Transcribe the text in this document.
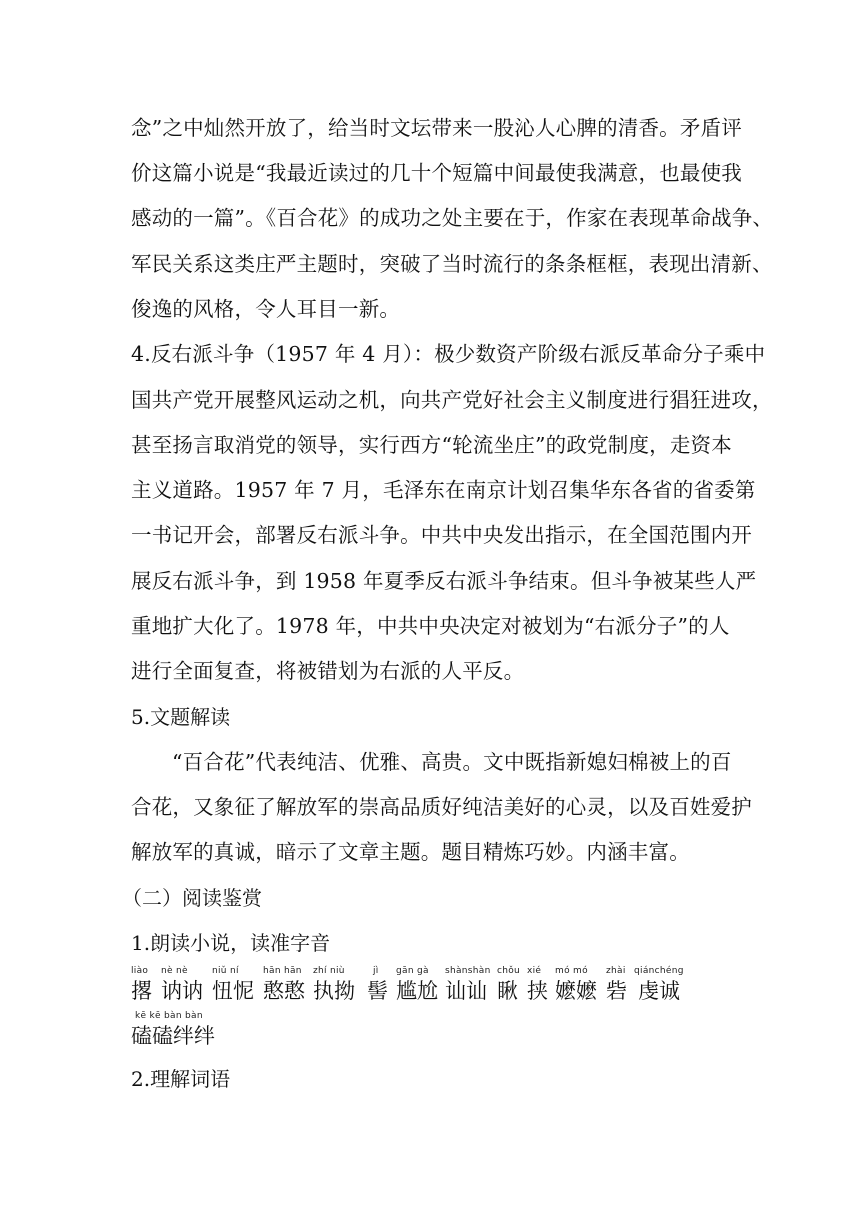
念”之中灿然开放了，给当时文坛带来一股沁人心脾的清香。矛盾评
价这篇小说是“我最近读过的几十个短篇中间最使我满意，也最使我
感动的一篇”。《百合花》的成功之处主要在于，作家在表现革命战争、
军民关系这类庄严主题时，突破了当时流行的条条框框，表现出清新、
俊逸的风格，令人耳目一新。
4.反右派斗争（1957 年 4 月）：极少数资产阶级右派反革命分子乘中
国共产党开展整风运动之机，向共产党好社会主义制度进行猖狂进攻，
甚至扬言取消党的领导，实行西方“轮流坐庄”的政党制度，走资本
主义道路。1957 年 7 月，毛泽东在南京计划召集华东各省的省委第
一书记开会，部署反右派斗争。中共中央发出指示，在全国范围内开
展反右派斗争，到 1958 年夏季反右派斗争结束。但斗争被某些人严
重地扩大化了。1978 年，中共中央决定对被划为“右派分子”的人
进行全面复查，将被错划为右派的人平反。
5.文题解读
“百合花”代表纯洁、优雅、高贵。文中既指新媳妇棉被上的百
合花，又象征了解放军的崇高品质好纯洁美好的心灵，以及百姓爱护
解放军的真诚，暗示了文章主题。题目精炼巧妙。内涵丰富。
（二）阅读鉴赏
1.朗读小说，读准字音
liào
撂
nè nè
讷讷
niǔ ní
忸怩
hān hān
憨憨
zhí niù
执拗
jì
髻
gān gà
尴尬
shànshàn
讪讪
chǒu
瞅
xié
挟
mó mó
嬷嬷
zhài
砦
qiánchéng
虔诚
kē kē bàn bàn
磕磕绊绊
2.理解词语
